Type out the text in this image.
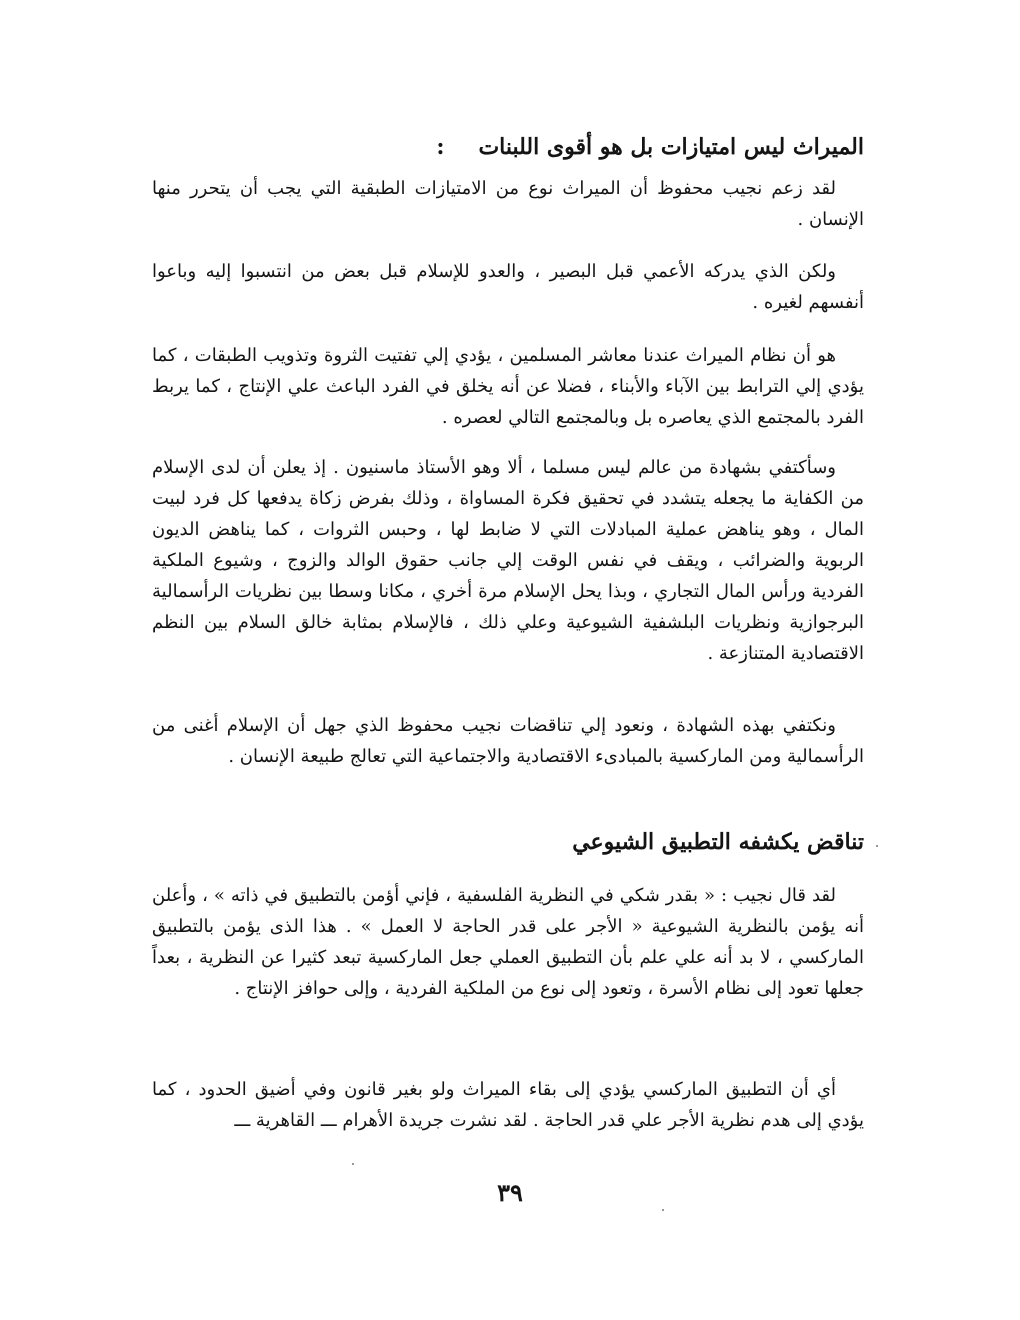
الميراث ليس امتيازات بل هو أقوى اللبنات:

لقد زعم نجيب محفوظ أن الميراث نوع من الامتيازات الطبقية التي يجب أن يتحرر منها الإنسان .

ولكن الذي يدركه الأعمي قبل البصير ، والعدو للإسلام قبل بعض من انتسبوا إليه وباعوا أنفسهم لغيره .

هو أن نظام الميراث عندنا معاشر المسلمين ، يؤدي إلي تفتيت الثروة وتذويب الطبقات ، كما يؤدي إلي الترابط بين الآباء والأبناء ، فضلا عن أنه يخلق في الفرد الباعث علي الإنتاج ، كما يربط الفرد بالمجتمع الذي يعاصره بل وبالمجتمع التالي لعصره .

وسأكتفي بشهادة من عالم ليس مسلما ، ألا وهو الأستاذ ماسنيون . إذ يعلن أن لدى الإسلام من الكفاية ما يجعله يتشدد في تحقيق فكرة المساواة ، وذلك بفرض زكاة يدفعها كل فرد لبيت المال ، وهو يناهض عملية المبادلات التي لا ضابط لها ، وحبس الثروات ، كما يناهض الديون الربوية والضرائب ، ويقف في نفس الوقت إلي جانب حقوق الوالد والزوج ، وشيوع الملكية الفردية ورأس المال التجاري ، وبذا يحل الإسلام مرة أخري ، مكانا وسطا بين نظريات الرأسمالية البرجوازية ونظريات البلشفية الشيوعية وعلي ذلك ، فالإسلام بمثابة خالق السلام بين النظم الاقتصادية المتنازعة .

ونكتفي بهذه الشهادة ، ونعود إلي تناقضات نجيب محفوظ الذي جهل أن الإسلام أغنى من الرأسمالية ومن الماركسية بالمبادىء الاقتصادية والاجتماعية التي تعالج طبيعة الإنسان .

تناقض يكشفه التطبيق الشيوعي

لقد قال نجيب : « بقدر شكي في النظرية الفلسفية ، فإني أؤمن بالتطبيق في ذاته » ، وأعلن أنه يؤمن بالنظرية الشيوعية « الأجر على قدر الحاجة لا العمل » . هذا الذى يؤمن بالتطبيق الماركسي ، لا بد أنه علي علم بأن التطبيق العملي جعل الماركسية تبعد كثيرا عن النظرية ، بعداً جعلها تعود إلى نظام الأسرة ، وتعود إلى نوع من الملكية الفردية ، وإلى حوافز الإنتاج .

أي أن التطبيق الماركسي يؤدي إلى بقاء الميراث ولو بغير قانون وفي أضيق الحدود ، كما يؤدي إلى هدم نظرية الأجر علي قدر الحاجة . لقد نشرت جريدة الأهرام ـــ القاهرية ـــ

٣٩
